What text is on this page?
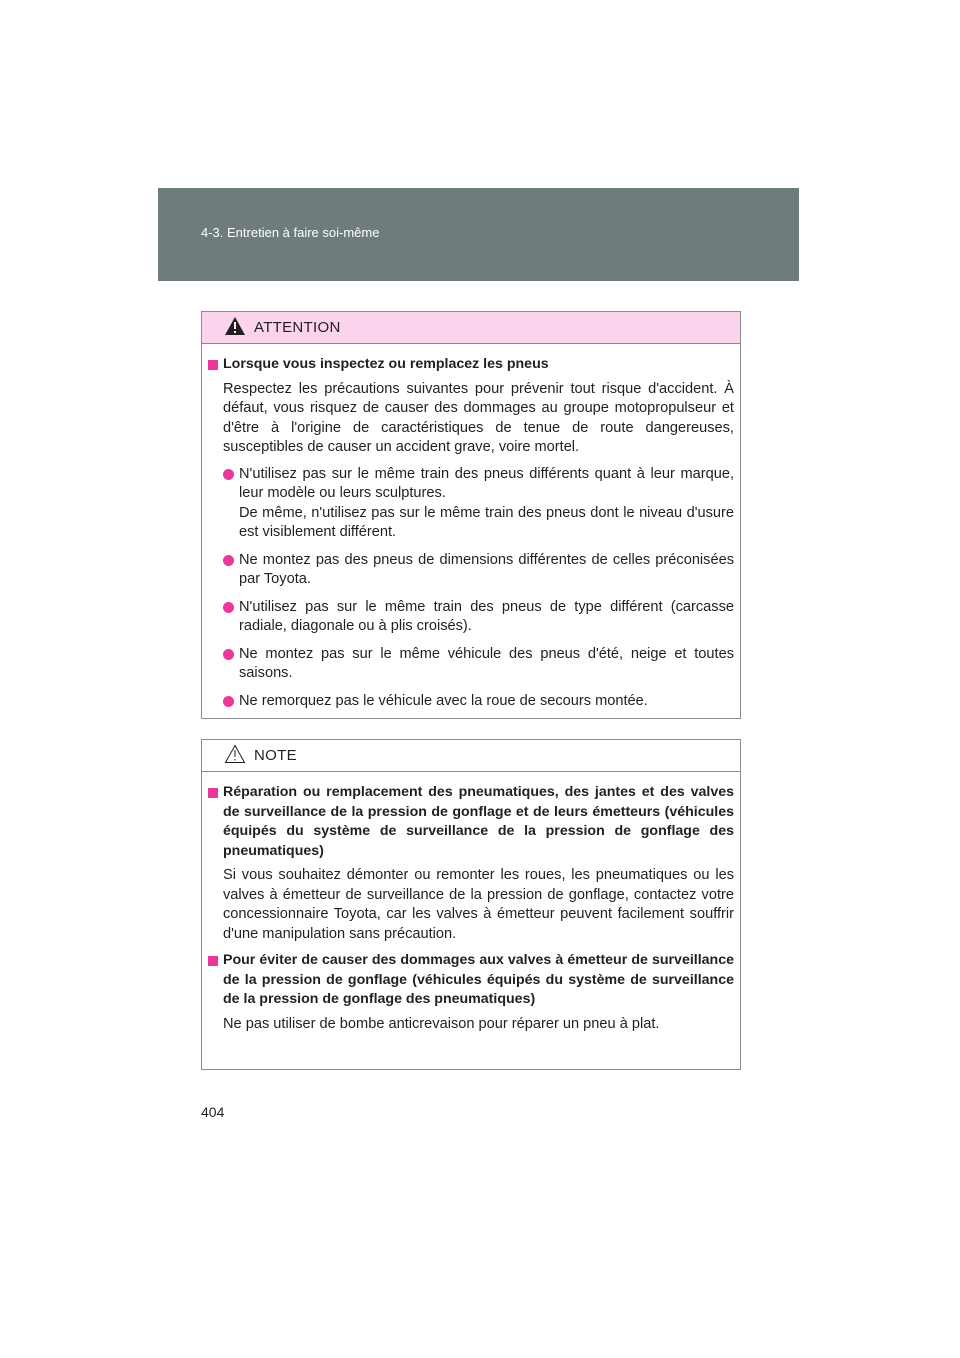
4-3. Entretien à faire soi-même
ATTENTION
Lorsque vous inspectez ou remplacez les pneus
Respectez les précautions suivantes pour prévenir tout risque d'accident. À défaut, vous risquez de causer des dommages au groupe motopropulseur et d'être à l'origine de caractéristiques de tenue de route dangereuses, susceptibles de causer un accident grave, voire mortel.
N'utilisez pas sur le même train des pneus différents quant à leur marque, leur modèle ou leurs sculptures.
De même, n'utilisez pas sur le même train des pneus dont le niveau d'usure est visiblement différent.
Ne montez pas des pneus de dimensions différentes de celles préconisées par Toyota.
N'utilisez pas sur le même train des pneus de type différent (carcasse radiale, diagonale ou à plis croisés).
Ne montez pas sur le même véhicule des pneus d'été, neige et toutes saisons.
Ne remorquez pas le véhicule avec la roue de secours montée.
NOTE
Réparation ou remplacement des pneumatiques, des jantes et des valves de surveillance de la pression de gonflage et de leurs émetteurs (véhicules équipés du système de surveillance de la pression de gonflage des pneumatiques)
Si vous souhaitez démonter ou remonter les roues, les pneumatiques ou les valves à émetteur de surveillance de la pression de gonflage, contactez votre concessionnaire Toyota, car les valves à émetteur peuvent facilement souffrir d'une manipulation sans précaution.
Pour éviter de causer des dommages aux valves à émetteur de surveillance de la pression de gonflage (véhicules équipés du système de surveillance de la pression de gonflage des pneumatiques)
Ne pas utiliser de bombe anticrevaison pour réparer un pneu à plat.
404
